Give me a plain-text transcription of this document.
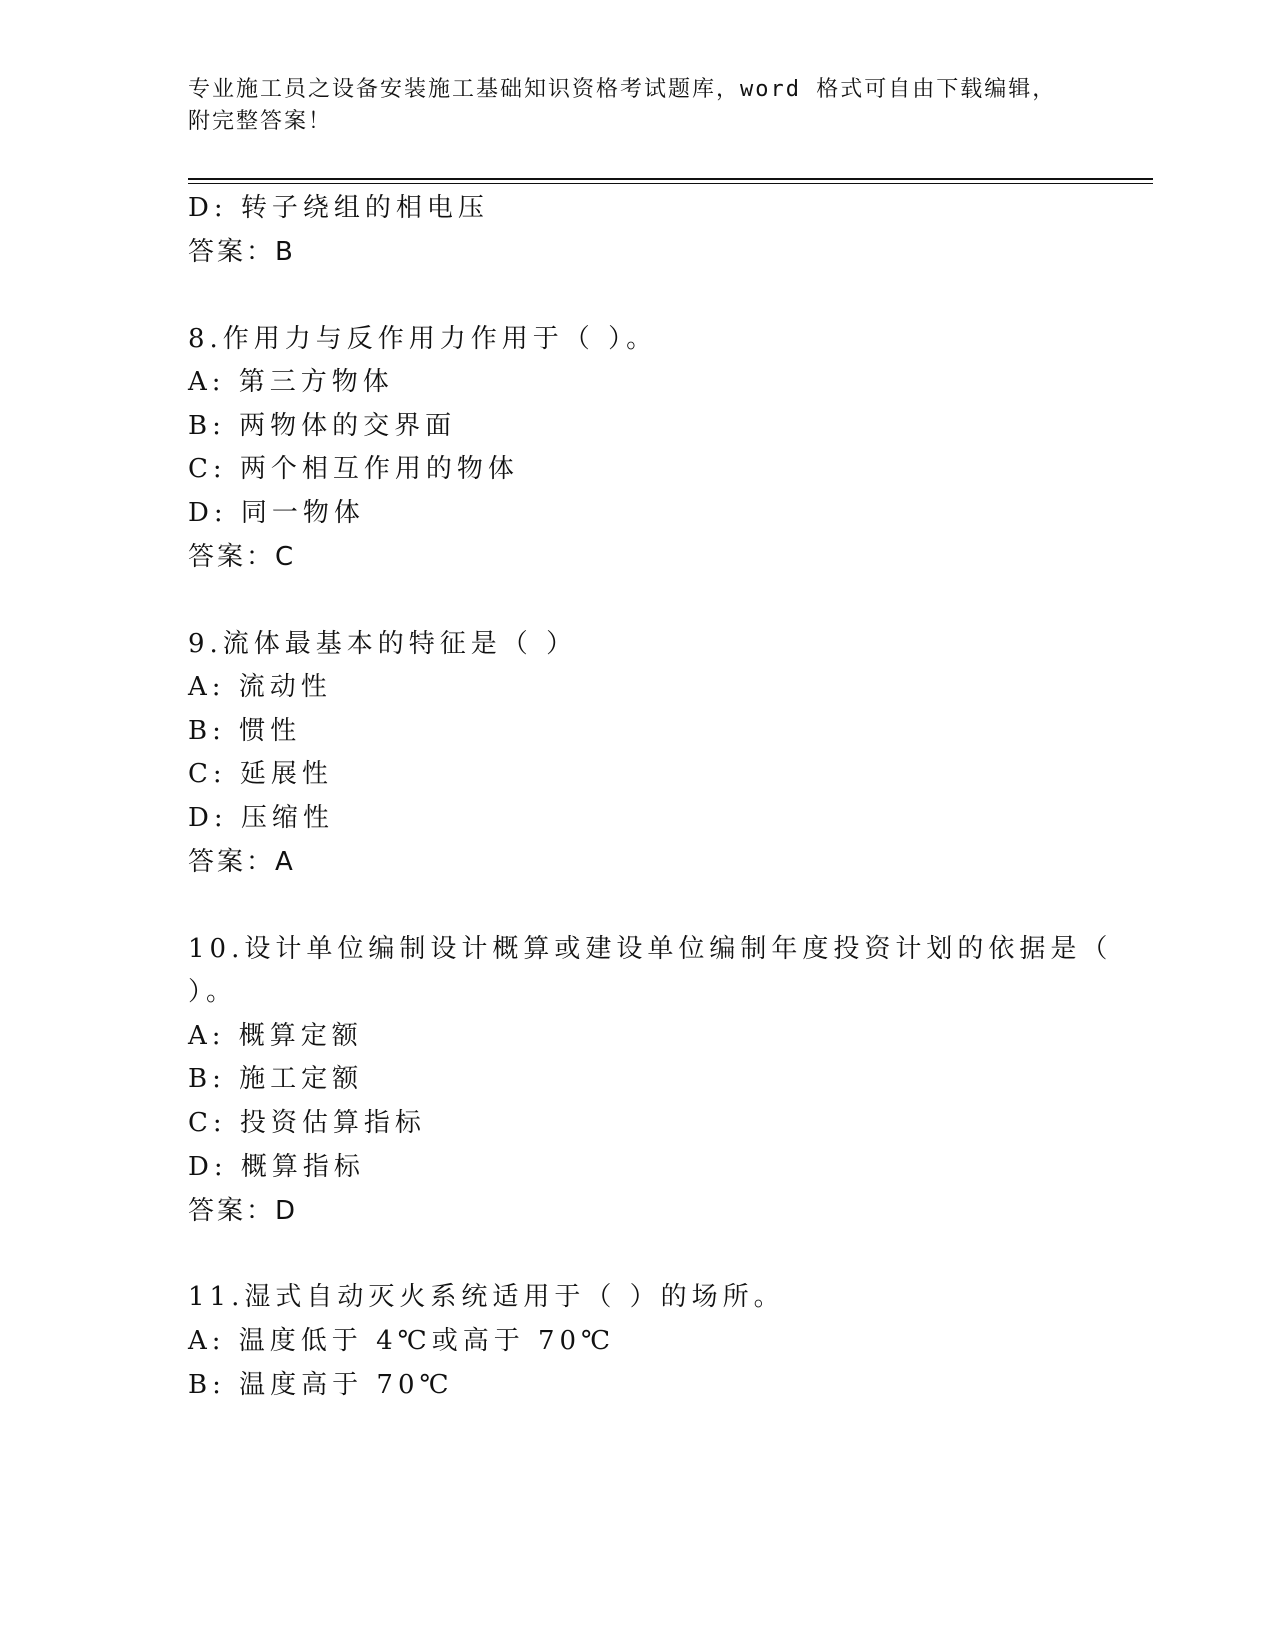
专业施工员之设备安装施工基础知识资格考试题库，word 格式可自由下载编辑，
附完整答案！
D: 转子绕组的相电压
答案：B
8.作用力与反作用力作用于（ ）。
A: 第三方物体
B: 两物体的交界面
C: 两个相互作用的物体
D: 同一物体
答案：C
9.流体最基本的特征是（ ）
A: 流动性
B: 惯性
C: 延展性
D: 压缩性
答案：A
10.设计单位编制设计概算或建设单位编制年度投资计划的依据是（
）。
A: 概算定额
B: 施工定额
C: 投资估算指标
D: 概算指标
答案：D
11.湿式自动灭火系统适用于（ ）的场所。
A: 温度低于 4℃或高于 70℃
B: 温度高于 70℃
